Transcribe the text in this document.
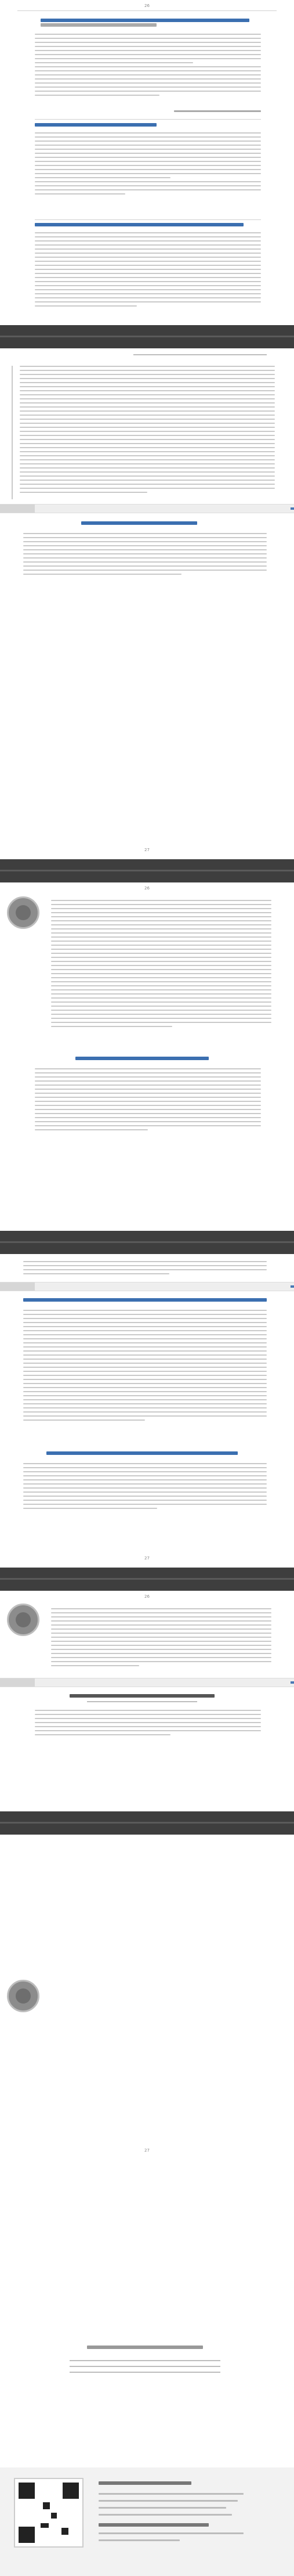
26
27
26
27
26
27
